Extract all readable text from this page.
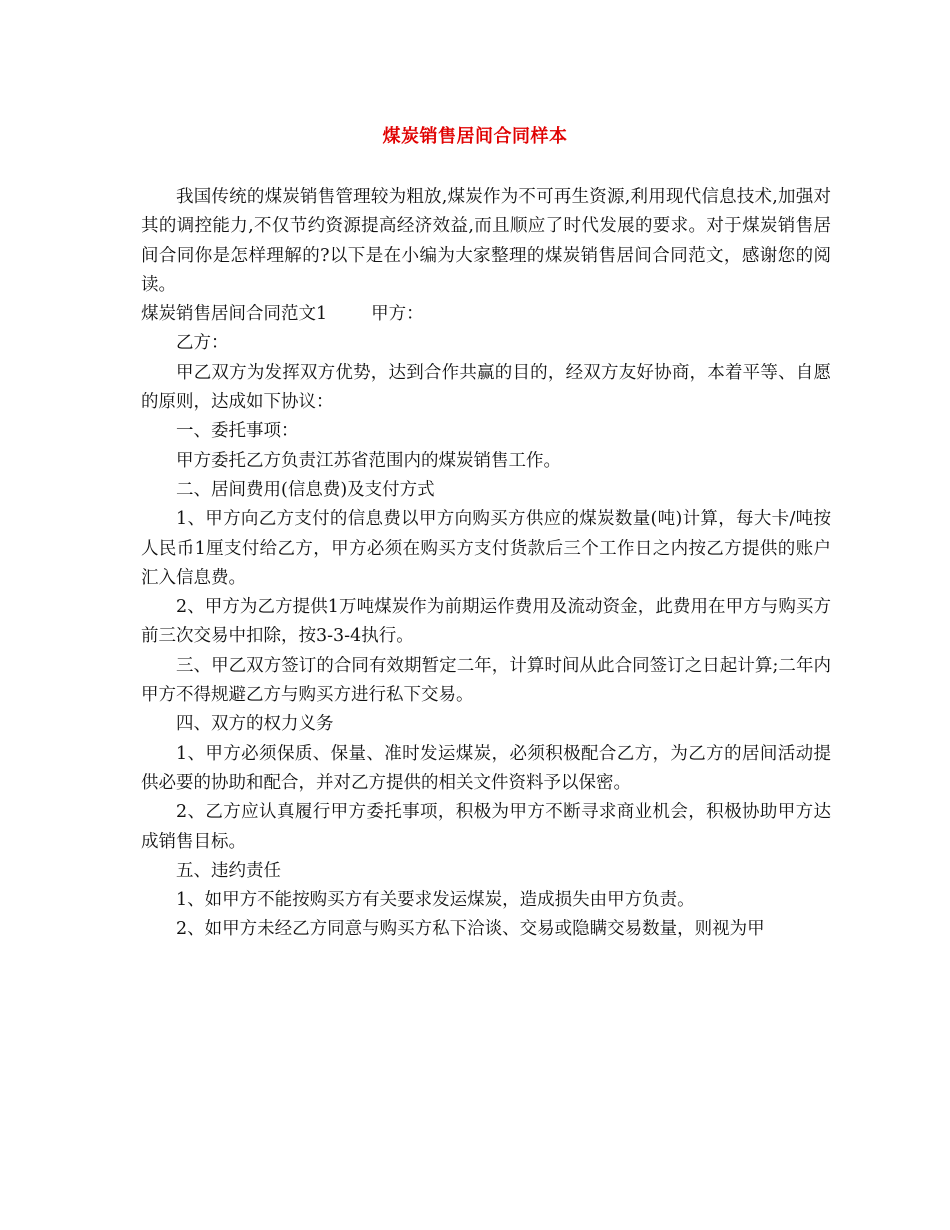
煤炭销售居间合同样本

我国传统的煤炭销售管理较为粗放,煤炭作为不可再生资源,利用现代信息技术,加强对其的调控能力,不仅节约资源提高经济效益,而且顺应了时代发展的要求。对于煤炭销售居间合同你是怎样理解的?以下是在小编为大家整理的煤炭销售居间合同范文，感谢您的阅读。

煤炭销售居间合同范文1	甲方：

乙方：

甲乙双方为发挥双方优势，达到合作共赢的目的，经双方友好协商，本着平等、自愿的原则，达成如下协议：

一、委托事项：

甲方委托乙方负责江苏省范围内的煤炭销售工作。

二、居间费用(信息费)及支付方式

1、甲方向乙方支付的信息费以甲方向购买方供应的煤炭数量(吨)计算，每大卡/吨按人民币1厘支付给乙方，甲方必须在购买方支付货款后三个工作日之内按乙方提供的账户汇入信息费。

2、甲方为乙方提供1万吨煤炭作为前期运作费用及流动资金，此费用在甲方与购买方前三次交易中扣除，按3-3-4执行。

三、甲乙双方签订的合同有效期暂定二年，计算时间从此合同签订之日起计算;二年内甲方不得规避乙方与购买方进行私下交易。

四、双方的权力义务

1、甲方必须保质、保量、准时发运煤炭，必须积极配合乙方，为乙方的居间活动提供必要的协助和配合，并对乙方提供的相关文件资料予以保密。

2、乙方应认真履行甲方委托事项，积极为甲方不断寻求商业机会，积极协助甲方达成销售目标。

五、违约责任

1、如甲方不能按购买方有关要求发运煤炭，造成损失由甲方负责。

2、如甲方未经乙方同意与购买方私下洽谈、交易或隐瞒交易数量，则视为甲
